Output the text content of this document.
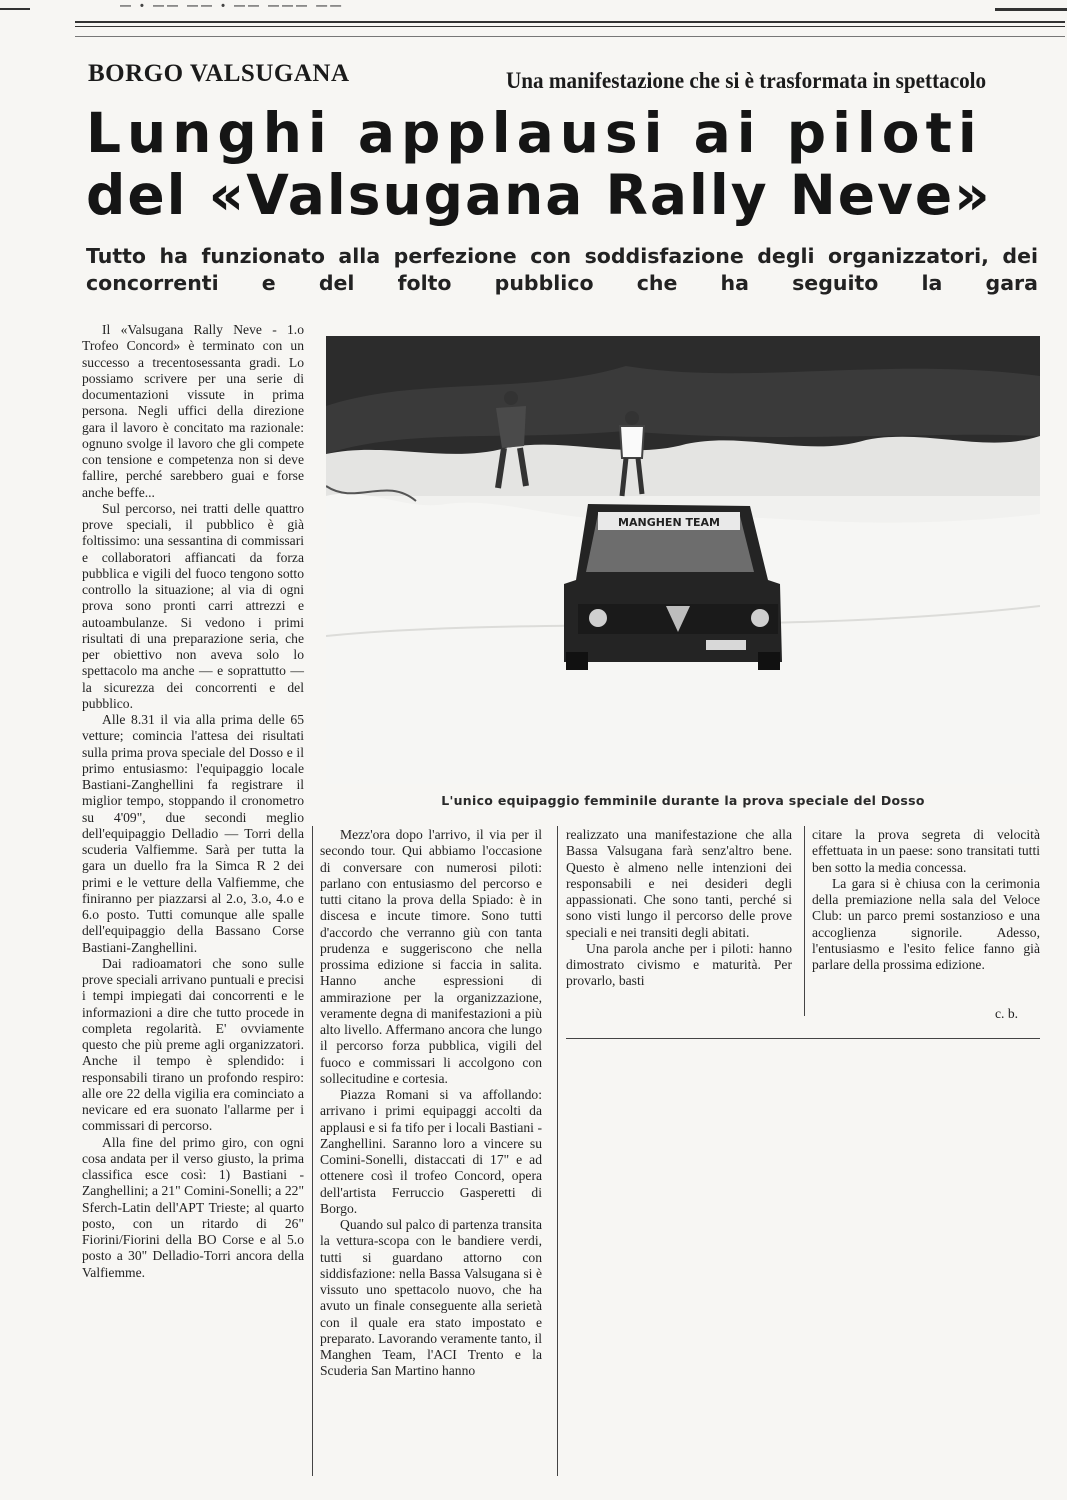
— • —— —— • —— ——— ——
BORGO VALSUGANA	Una manifestazione che si è trasformata in spettacolo
Lunghi applausi ai piloti
del «Valsugana Rally Neve»
Tutto ha funzionato alla perfezione con soddisfazione degli organizzatori, dei concorrenti e del folto pubblico che ha seguito la gara

Il «Valsugana Rally Neve - 1.o Trofeo Concord» è terminato con un successo a trecentosessanta gradi. Lo possiamo scrivere per una serie di documentazioni vissute in prima persona. Negli uffici della direzione gara il lavoro è concitato ma razionale: ognuno svolge il lavoro che gli compete con tensione e competenza non si deve fallire, perché sarebbero guai e forse anche beffe...

Sul percorso, nei tratti delle quattro prove speciali, il pubblico è già foltissimo: una sessantina di commissari e collaboratori affiancati da forza pubblica e vigili del fuoco tengono sotto controllo la situazione; al via di ogni prova sono pronti carri attrezzi e autoambulanze. Si vedono i primi risultati di una preparazione seria, che per obiettivo non aveva solo lo spettacolo ma anche — e soprattutto — la sicurezza dei concorrenti e del pubblico.

Alle 8.31 il via alla prima delle 65 vetture; comincia l'attesa dei risultati sulla prima prova speciale del Dosso e il primo entusiasmo: l'equipaggio locale Bastiani-Zanghellini fa registrare il miglior tempo, stoppando il cronometro su 4'09", due secondi meglio dell'equipaggio Delladio — Torri della scuderia Valfiemme. Sarà per tutta la gara un duello fra la Simca R 2 dei primi e le vetture della Valfiemme, che finiranno per piazzarsi al 2.o, 3.o, 4.o e 6.o posto. Tutti comunque alle spalle dell'equipaggio della Bassano Corse Bastiani-Zanghellini.

Dai radioamatori che sono sulle prove speciali arrivano puntuali e precisi i tempi impiegati dai concorrenti e le informazioni a dire che tutto procede in completa regolarità. E' ovviamente questo che più preme agli organizzatori. Anche il tempo è splendido: i responsabili tirano un profondo respiro: alle ore 22 della vigilia era cominciato a nevicare ed era suonato l'allarme per i commissari di percorso.

Alla fine del primo giro, con ogni cosa andata per il verso giusto, la prima classifica esce così: 1) Bastiani - Zanghellini; a 21" Comini-Sonelli; a 22" Sferch-Latin dell'APT Trieste; al quarto posto, con un ritardo di 26" Fiorini/Fiorini della BO Corse e al 5.o posto a 30" Delladio-Torri ancora della Valfiemme.

MANGHEN TEAM
L'unico equipaggio femminile durante la prova speciale del Dosso

Mezz'ora dopo l'arrivo, il via per il secondo tour. Qui abbiamo l'occasione di conversare con numerosi piloti: parlano con entusiasmo del percorso e tutti citano la prova della Spiado: è in discesa e incute timore. Sono tutti d'accordo che verranno giù con tanta prudenza e suggeriscono che nella prossima edizione si faccia in salita. Hanno anche espressioni di ammirazione per la organizzazione, veramente degna di manifestazioni a più alto livello. Affermano ancora che lungo il percorso forza pubblica, vigili del fuoco e commissari li accolgono con sollecitudine e cortesia.

Piazza Romani si va affollando: arrivano i primi equipaggi accolti da applausi e si fa tifo per i locali Bastiani - Zanghellini. Saranno loro a vincere su Comini-Sonelli, distaccati di 17" e ad ottenere così il trofeo Concord, opera dell'artista Ferruccio Gasperetti di Borgo.

Quando sul palco di partenza transita la vettura-scopa con le bandiere verdi, tutti si guardano attorno con siddisfazione: nella Bassa Valsugana si è vissuto uno spettacolo nuovo, che ha avuto un finale conseguente alla serietà con il quale era stato impostato e preparato. Lavorando veramente tanto, il Manghen Team, l'ACI Trento e la Scuderia San Martino hanno

realizzato una manifestazione che alla Bassa Valsugana farà senz'altro bene. Questo è almeno nelle intenzioni dei responsabili e nei desideri degli appassionati. Che sono tanti, perché si sono visti lungo il percorso delle prove speciali e nei transiti degli abitati.

Una parola anche per i piloti: hanno dimostrato civismo e maturità. Per provarlo, basti

citare la prova segreta di velocità effettuata in un paese: sono transitati tutti ben sotto la media concessa.

La gara si è chiusa con la cerimonia della premiazione nella sala del Veloce Club: un parco premi sostanzioso e una accoglienza signorile. Adesso, l'entusiasmo e l'esito felice fanno già parlare della prossima edizione.

c. b.
